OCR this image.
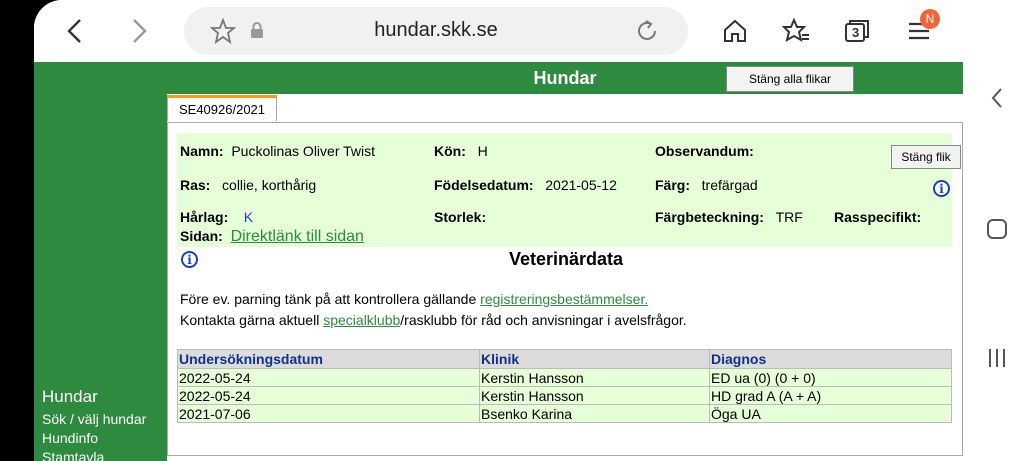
hundar.skk.se	3
N
Hundar
Sök / välj hundar
Hundinfo
Stamtavla
Hundar	Stäng alla flikar
SE40926/2021
Namn: Puckolinas Oliver Twist	Kön: H	Observandum:	Stäng flik
Ras: collie, korthårig	Födelsedatum: 2021-05-12	Färg: trefärgad	i
Hårlag: K	Storlek:	Färgbeteckning: TRF Rasspecifikt:
Sidan: Direktlänk till sidan
i	Veterinärdata
Före ev. parning tänk på att kontrollera gällande registreringsbestämmelser.
Kontakta gärna aktuell specialklubb/rasklubb för råd och anvisningar i avelsfrågor.
Undersökningsdatum	Klinik	Diagnos
2022-05-24	Kerstin Hansson	ED ua (0) (0 + 0)
2022-05-24	Kerstin Hansson	HD grad A (A + A)
2021-07-06	Bsenko Karina	Öga UA
